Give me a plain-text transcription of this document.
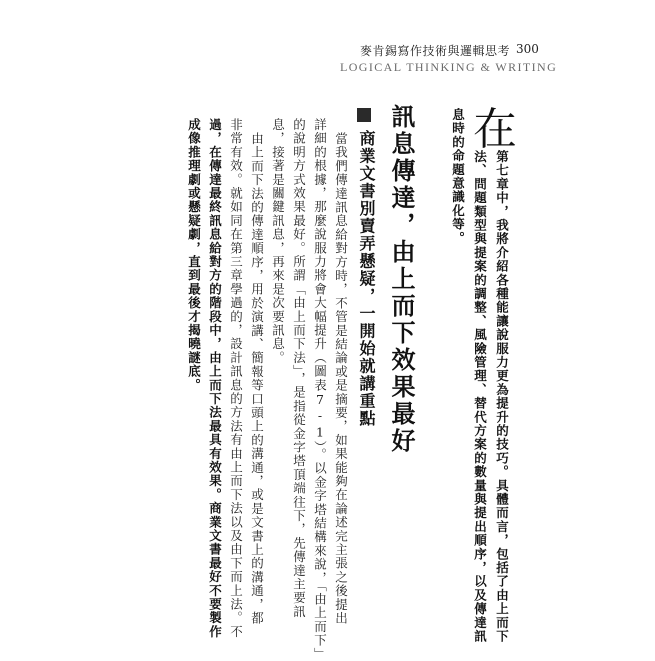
麥肯錫寫作技術與邏輯思考 300
LOGICAL THINKING & WRITING
在
第七章中，我將介紹各種能讓說服力更為提升的技巧。具體而言，包括了由上而下
法、問題類型與提案的調整、風險管理、替代方案的數量與提出順序，以及傳達訊
息時的命題意識化等。
訊息傳達，由上而下效果最好
商業文書別賣弄懸疑，一開始就講重點
當我們傳達訊息給對方時，不管是結論或是摘要，如果能夠在論述完主張之後提出
詳細的根據，那麼說服力將會大幅提升（圖表7-1）。以金字塔結構來說，「由上而下」
的說明方式效果最好。所謂「由上而下法」，是指從金字塔頂端往下，先傳達主要訊
息，接著是關鍵訊息，再來是次要訊息。
由上而下法的傳達順序，用於演講、簡報等口頭上的溝通，或是文書上的溝通，都
非常有效。就如同在第三章學過的，設計訊息的方法有由上而下法以及由下而上法。不
過，在傳達最終訊息給對方的階段中，由上而下法最具有效果。商業文書最好不要製作
成像推理劇或懸疑劇，直到最後才揭曉謎底。
